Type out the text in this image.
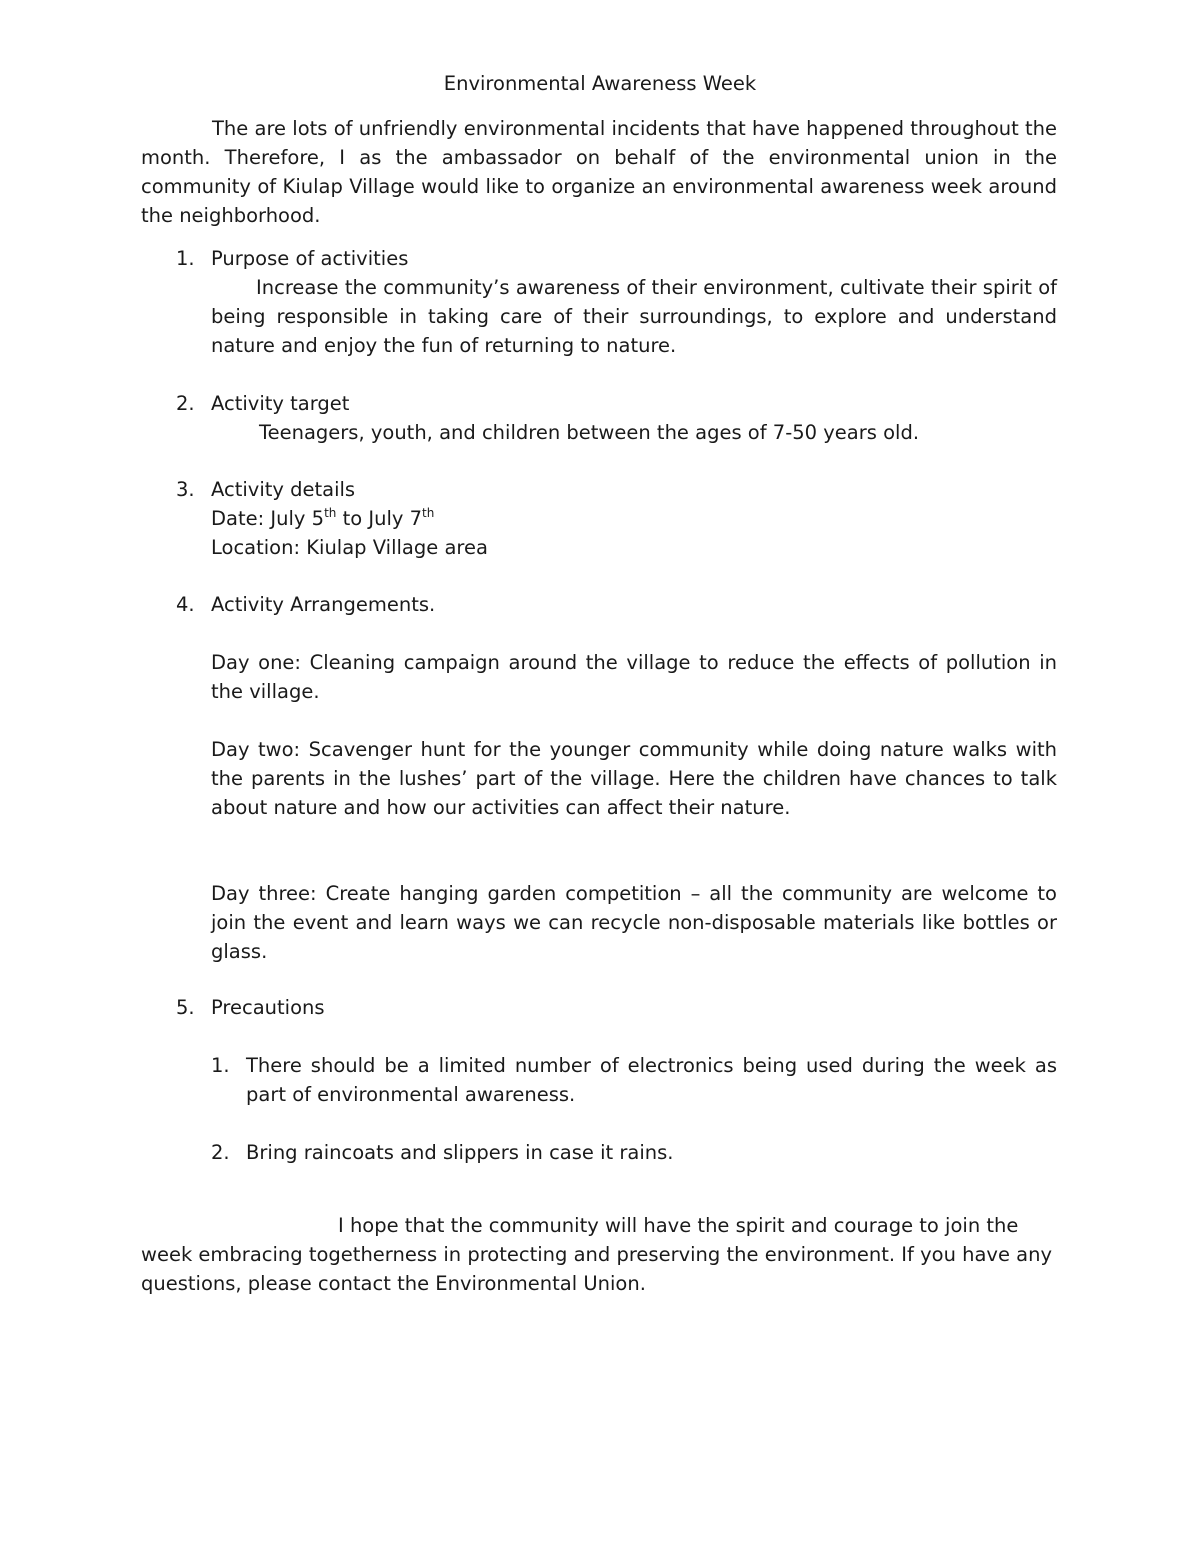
Environmental Awareness Week
The are lots of unfriendly environmental incidents that have happened throughout the month. Therefore, I as the ambassador on behalf of the environmental union in the community of Kiulap Village would like to organize an environmental awareness week around the neighborhood.
1. Purpose of activities
Increase the community’s awareness of their environment, cultivate their spirit of being responsible in taking care of their surroundings, to explore and understand nature and enjoy the fun of returning to nature.
2. Activity target
Teenagers, youth, and children between the ages of 7-50 years old.
3. Activity details
Date: July 5th to July 7th
Location: Kiulap Village area
4. Activity Arrangements.
Day one: Cleaning campaign around the village to reduce the effects of pollution in the village.
Day two: Scavenger hunt for the younger community while doing nature walks with the parents in the lushes’ part of the village. Here the children have chances to talk about nature and how our activities can affect their nature.
Day three: Create hanging garden competition – all the community are welcome to join the event and learn ways we can recycle non-disposable materials like bottles or glass.
5. Precautions
1. There should be a limited number of electronics being used during the week as part of environmental awareness.
2. Bring raincoats and slippers in case it rains.
I hope that the community will have the spirit and courage to join the week embracing togetherness in protecting and preserving the environment. If you have any questions, please contact the Environmental Union.
